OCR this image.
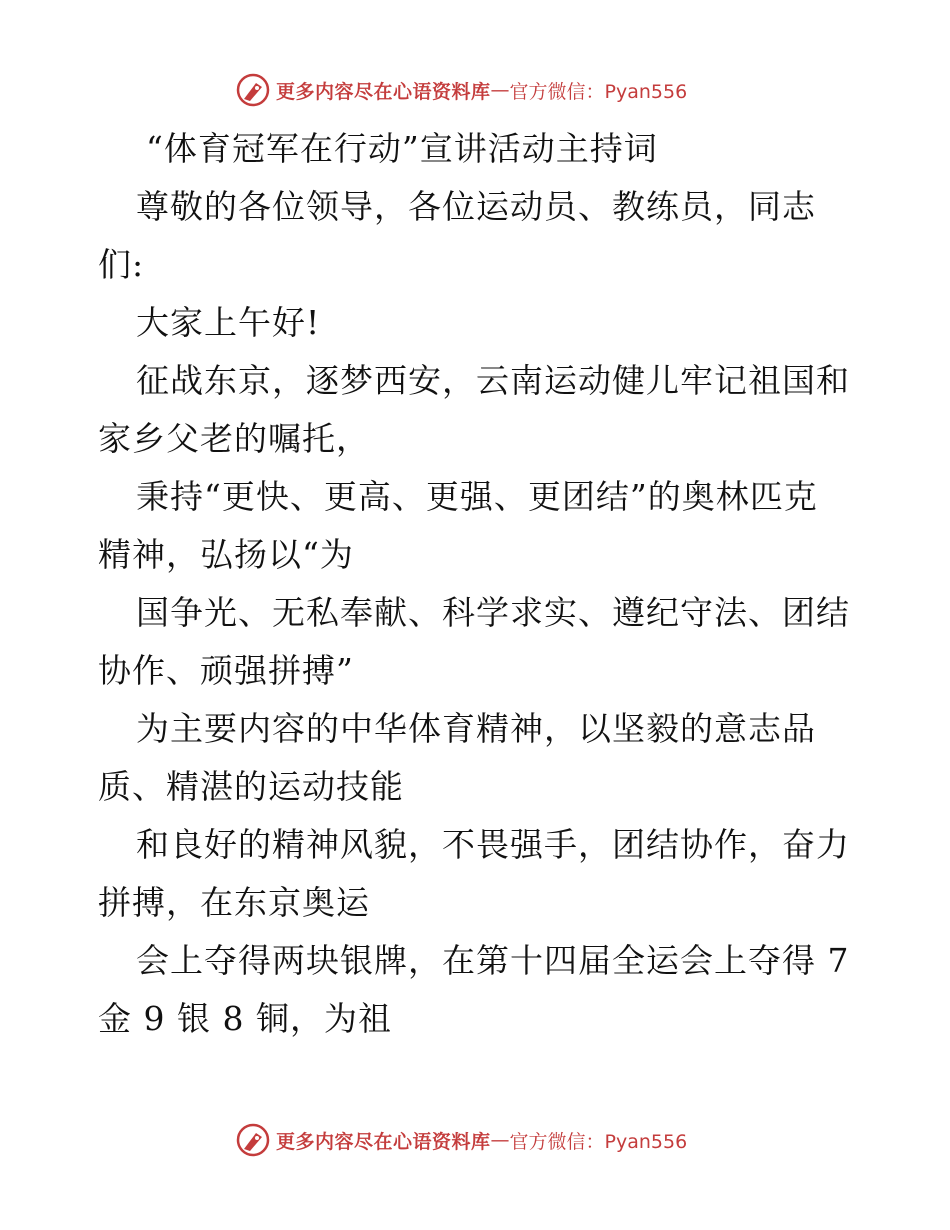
更多内容尽在心语资料库 — 官方微信：Pyan556
“体育冠军在行动”宣讲活动主持词
尊敬的各位领导，各位运动员、教练员，同志
们:
大家上午好!
征战东京，逐梦西安，云南运动健儿牢记祖国和
家乡父老的嘱托，
秉持“更快、更高、更强、更团结”的奥林匹克
精神，弘扬以“为
国争光、无私奉献、科学求实、遵纪守法、团结
协作、顽强拼搏”
为主要内容的中华体育精神，以坚毅的意志品
质、精湛的运动技能
和良好的精神风貌，不畏强手，团结协作，奋力
拼搏，在东京奥运
会上夺得两块银牌，在第十四届全运会上夺得 7
金 9 银 8 铜，为祖
更多内容尽在心语资料库 — 官方微信：Pyan556
